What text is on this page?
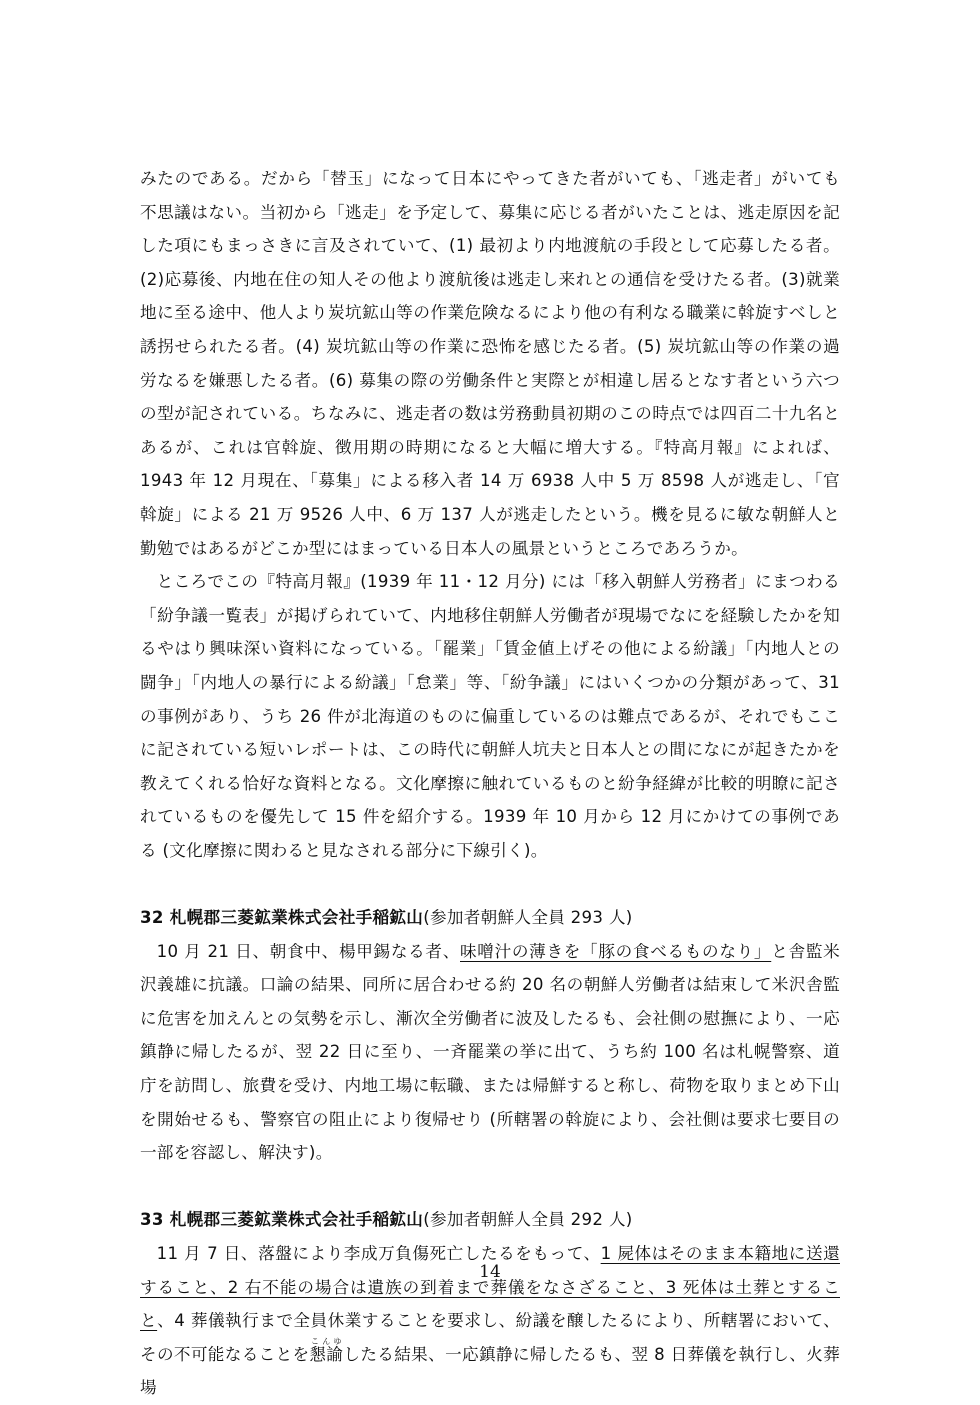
みたのである。だから「替玉」になって日本にやってきた者がいても、「逃走者」がいても不思議はない。当初から「逃走」を予定して、募集に応じる者がいたことは、逃走原因を記した項にもまっさきに言及されていて、(1) 最初より内地渡航の手段として応募したる者。(2)応募後、内地在住の知人その他より渡航後は逃走し来れとの通信を受けたる者。(3)就業地に至る途中、他人より炭坑鉱山等の作業危険なるにより他の有利なる職業に斡旋すべしと誘拐せられたる者。(4) 炭坑鉱山等の作業に恐怖を感じたる者。(5) 炭坑鉱山等の作業の過労なるを嫌悪したる者。(6) 募集の際の労働条件と実際とが相違し居るとなす者という六つの型が記されている。ちなみに、逃走者の数は労務動員初期のこの時点では四百二十九名とあるが、これは官斡旋、徴用期の時期になると大幅に増大する。『特高月報』によれば、1943 年 12 月現在、「募集」による移入者 14 万 6938 人中 5 万 8598 人が逃走し、「官斡旋」による 21 万 9526 人中、6 万 137 人が逃走したという。機を見るに敏な朝鮮人と勤勉ではあるがどこか型にはまっている日本人の風景というところであろうか。

ところでこの『特高月報』(1939 年 11・12 月分) には「移入朝鮮人労務者」にまつわる「紛争議一覧表」が掲げられていて、内地移住朝鮮人労働者が現場でなにを経験したかを知るやはり興味深い資料になっている。「罷業」「賃金値上げその他による紛議」「内地人との闘争」「内地人の暴行による紛議」「怠業」等、「紛争議」にはいくつかの分類があって、31 の事例があり、うち 26 件が北海道のものに偏重しているのは難点であるが、それでもここに記されている短いレポートは、この時代に朝鮮人坑夫と日本人との間になにが起きたかを教えてくれる恰好な資料となる。文化摩擦に触れているものと紛争経緯が比較的明瞭に記されているものを優先して 15 件を紹介する。1939 年 10 月から 12 月にかけての事例である (文化摩擦に関わると見なされる部分に下線引く)。

32 札幌郡三菱鉱業株式会社手稲鉱山(参加者朝鮮人全員 293 人)

10 月 21 日、朝食中、楊甲錫なる者、味噌汁の薄きを「豚の食べるものなり」と舎監米沢義雄に抗議。口論の結果、同所に居合わせる約 20 名の朝鮮人労働者は結束して米沢舎監に危害を加えんとの気勢を示し、漸次全労働者に波及したるも、会社側の慰撫により、一応鎮静に帰したるが、翌 22 日に至り、一斉罷業の挙に出て、うち約 100 名は札幌警察、道庁を訪問し、旅費を受け、内地工場に転職、または帰鮮すると称し、荷物を取りまとめ下山を開始せるも、警察官の阻止により復帰せり (所轄署の斡旋により、会社側は要求七要目の一部を容認し、解決す)。

33 札幌郡三菱鉱業株式会社手稲鉱山(参加者朝鮮人全員 292 人)

11 月 7 日、落盤により李成万負傷死亡したるをもって、1 屍体はそのまま本籍地に送還すること、2 右不能の場合は遺族の到着まで葬儀をなさざること、3 死体は土葬とすること、4 葬儀執行まで全員休業することを要求し、紛議を醸したるにより、所轄署において、その不可能なることを懇諭こんゆしたる結果、一応鎮静に帰したるも、翌 8 日葬儀を執行し、火葬場

14
